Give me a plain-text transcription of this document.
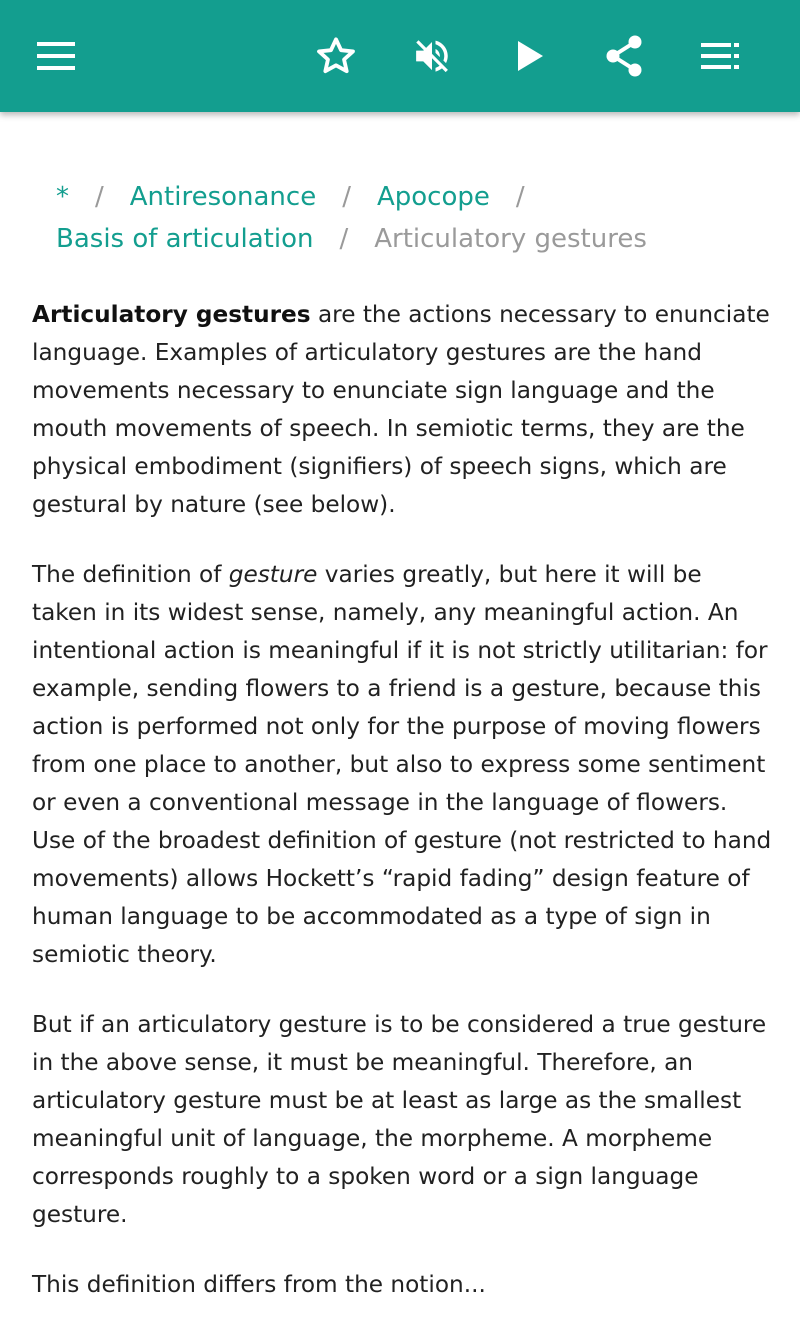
* / Antiresonance / Apocope /
Basis of articulation / Articulatory gestures

Articulatory gestures are the actions necessary to enunciate language. Examples of articulatory gestures are the hand movements necessary to enunciate sign language and the mouth movements of speech. In semiotic terms, they are the physical embodiment (signifiers) of speech signs, which are gestural by nature (see below).

The definition of gesture varies greatly, but here it will be taken in its widest sense, namely, any meaningful action. An intentional action is meaningful if it is not strictly utilitarian: for example, sending flowers to a friend is a gesture, because this action is performed not only for the purpose of moving flowers from one place to another, but also to express some sentiment or even a conventional message in the language of flowers. Use of the broadest definition of gesture (not restricted to hand movements) allows Hockett’s “rapid fading” design feature of human language to be accommodated as a type of sign in semiotic theory.

But if an articulatory gesture is to be considered a true gesture in the above sense, it must be meaningful. Therefore, an articulatory gesture must be at least as large as the smallest meaningful unit of language, the morpheme. A morpheme corresponds roughly to a spoken word or a sign language gesture.

This definition differs from the notion...
